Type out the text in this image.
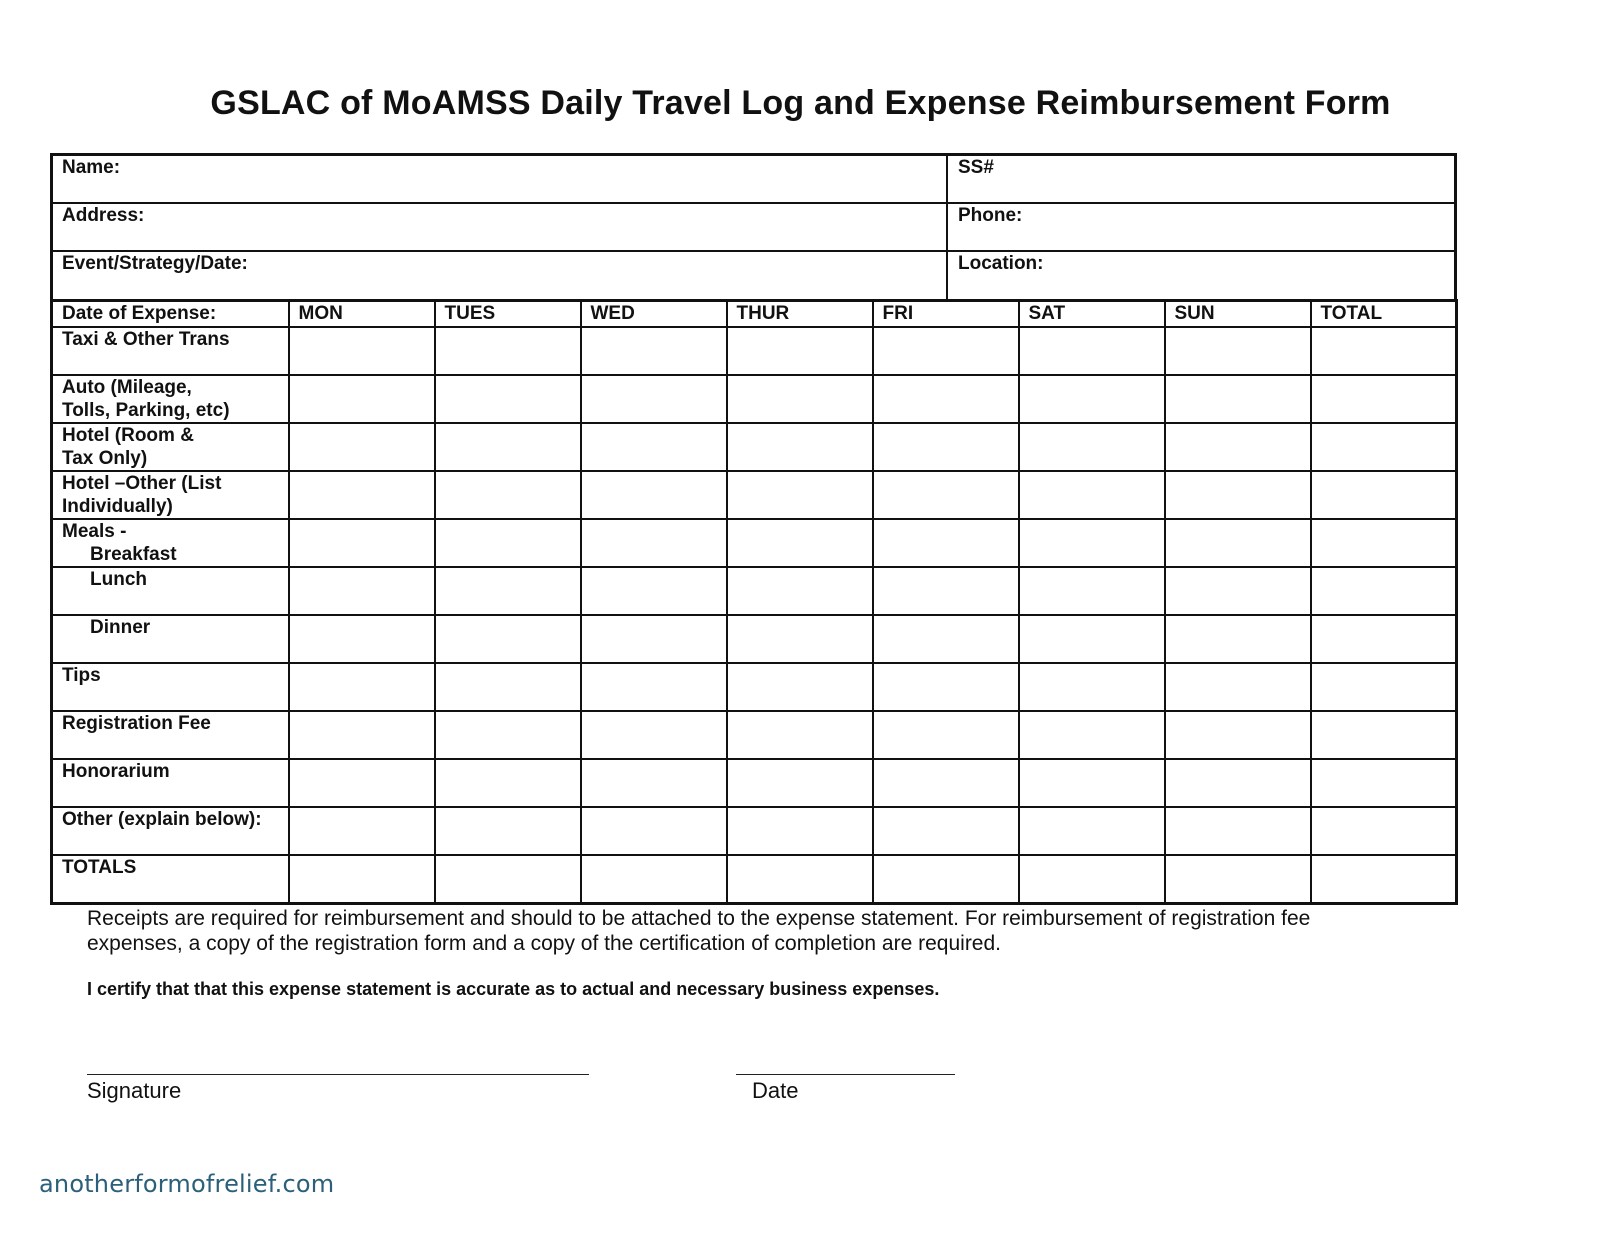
GSLAC of MoAMSS Daily Travel Log and Expense Reimbursement Form
Name:	SS#
Address:	Phone:
Event/Strategy/Date:	Location:
Date of Expense:	MON	TUES	WED	THUR	FRI	SAT	SUN	TOTAL

Taxi & Other Trans								

Auto (Mileage,
Tolls, Parking, etc)								

Hotel (Room &
Tax Only)								

Hotel –Other (List
Individually)								

Meals -
Breakfast								

Lunch								

Dinner								

Tips								

Registration Fee								

Honorarium								

Other (explain below):								

TOTALS								

Receipts are required for reimbursement and should to be attached to the expense statement. For reimbursement of registration fee
expenses, a copy of the registration form and a copy of the certification of completion are required.

I certify that that this expense statement is accurate as to actual and necessary business expenses.

Signature	Date
anotherformofrelief.com
